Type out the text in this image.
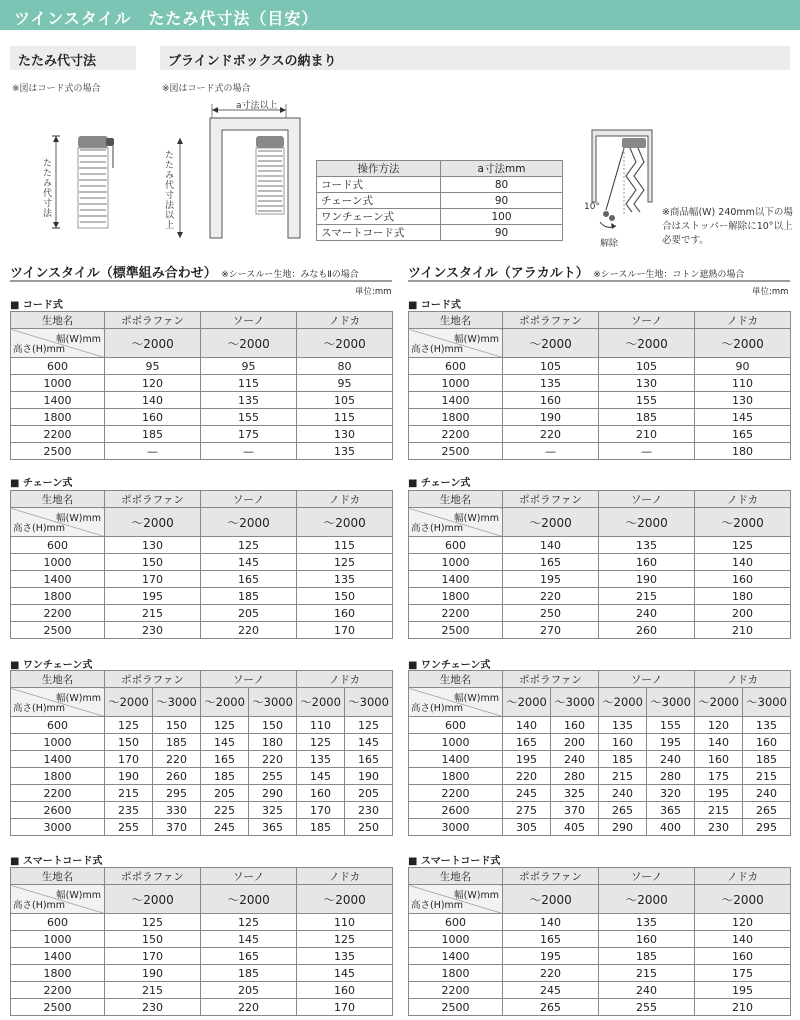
ツインスタイル　たたみ代寸法（目安）
たたみ代寸法	ブラインドボックスの納まり
※図はコード式の場合	※図はコード式の場合
たたみ代寸法
a寸法以上
たたみ代寸法以上	操作方法	a寸法mm
コード式	80
チェーン式	90
ワンチェーン式	100
スマートコード式	90
10°
解除
※商品幅(W) 240mm以下の場合はストッパー解除に10°以上必要です。
ツインスタイル（標準組み合わせ） ※シースルー生地：みなもⅡの場合	ツインスタイル（アラカルト） ※シースルー生地：コトン遮熱の場合
単位:mm	単位:mm
■ コード式	■ コード式
■ チェーン式	■ チェーン式
■ ワンチェーン式	■ ワンチェーン式
■ スマートコード式	■ スマートコード式
生地名	ポポラファン	ソーノ	ノドカ

幅(W)mm
高さ(H)mm	～2000	～2000	～2000
600	95	95	80
1000	120	115	95
1400	140	135	105
1800	160	155	115
2200	185	175	130
2500	—	—	135
生地名	ポポラファン	ソーノ	ノドカ

幅(W)mm
高さ(H)mm	～2000	～2000	～2000
600	105	105	90
1000	135	130	110
1400	160	155	130
1800	190	185	145
2200	220	210	165
2500	—	—	180
生地名	ポポラファン	ソーノ	ノドカ

幅(W)mm
高さ(H)mm	～2000	～2000	～2000
600	130	125	115
1000	150	145	125
1400	170	165	135
1800	195	185	150
2200	215	205	160
2500	230	220	170
生地名	ポポラファン	ソーノ	ノドカ

幅(W)mm
高さ(H)mm	～2000	～2000	～2000
600	140	135	125
1000	165	160	140
1400	195	190	160
1800	220	215	180
2200	250	240	200
2500	270	260	210
生地名	ポポラファン		ソーノ		ノドカ	

幅(W)mm
高さ(H)mm	～2000	～3000	～2000	～3000	～2000	～3000
600	125	150	125	150	110	125
1000	150	185	145	180	125	145
1400	170	220	165	220	135	165
1800	190	260	185	255	145	190
2200	215	295	205	290	160	205
2600	235	330	225	325	170	230
3000	255	370	245	365	185	250
生地名	ポポラファン		ソーノ		ノドカ	

幅(W)mm
高さ(H)mm	～2000	～3000	～2000	～3000	～2000	～3000
600	140	160	135	155	120	135
1000	165	200	160	195	140	160
1400	195	240	185	240	160	185
1800	220	280	215	280	175	215
2200	245	325	240	320	195	240
2600	275	370	265	365	215	265
3000	305	405	290	400	230	295
生地名	ポポラファン	ソーノ	ノドカ

幅(W)mm
高さ(H)mm	～2000	～2000	～2000
600	125	125	110
1000	150	145	125
1400	170	165	135
1800	190	185	145
2200	215	205	160
2500	230	220	170
生地名	ポポラファン	ソーノ	ノドカ

幅(W)mm
高さ(H)mm	～2000	～2000	～2000
600	140	135	120
1000	165	160	140
1400	195	185	160
1800	220	215	175
2200	245	240	195
2500	265	255	210
